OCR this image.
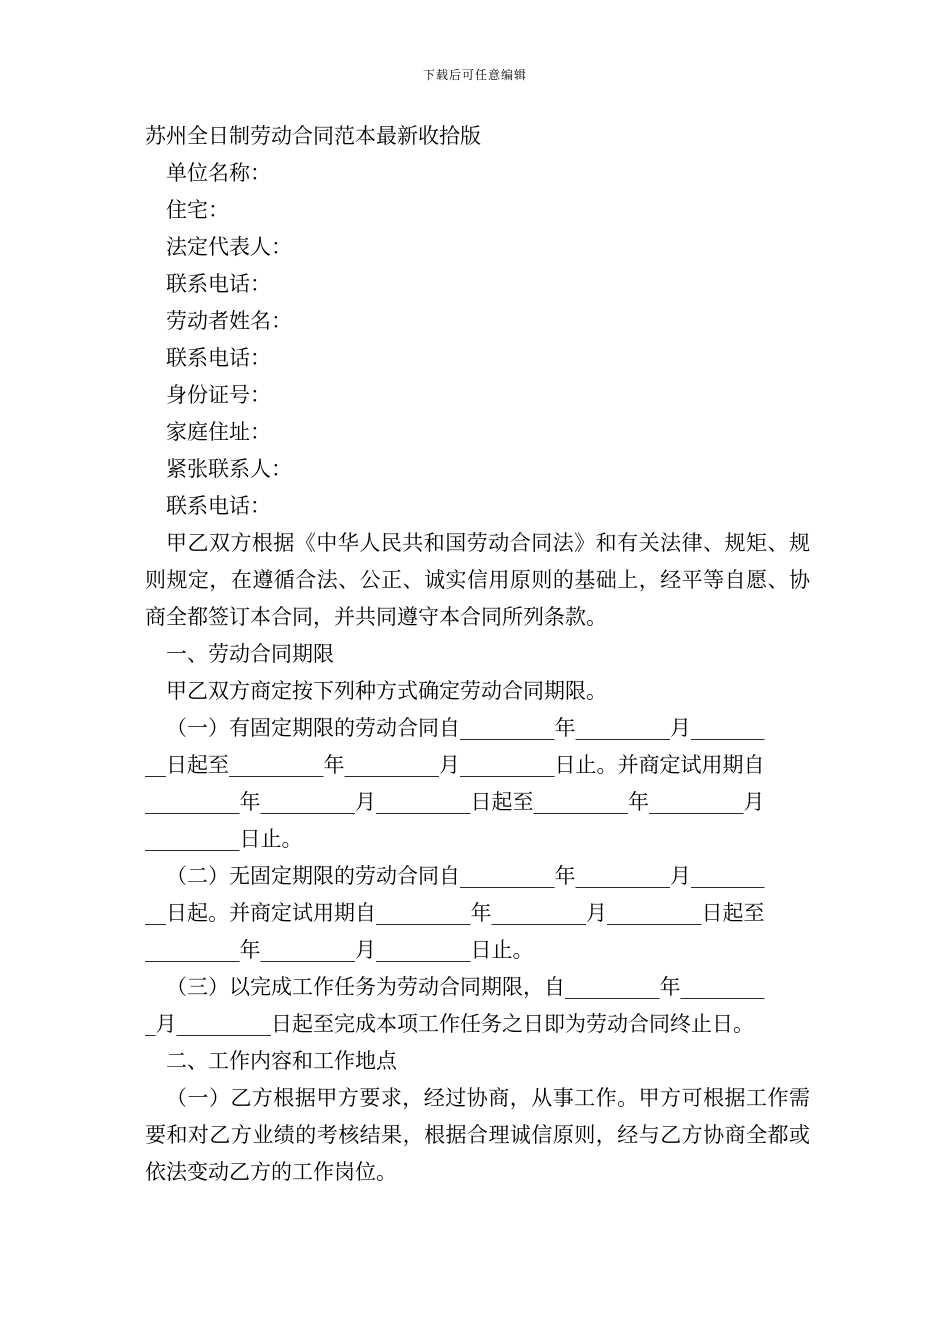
下载后可任意编辑
苏州全日制劳动合同范本最新收拾版
单位名称：
住宅：
法定代表人：
联系电话：
劳动者姓名：
联系电话：
身份证号：
家庭住址：
紧张联系人：
联系电话：
甲乙双方根据《中华人民共和国劳动合同法》和有关法律、规矩、规则规定，在遵循合法、公正、诚实信用原则的基础上，经平等自愿、协商全都签订本合同，并共同遵守本合同所列条款。
一、劳动合同期限
甲乙双方商定按下列种方式确定劳动合同期限。
（一）有固定期限的劳动合同自_________年_________月_______
__日起至_________年_________月_________日止。并商定试用期自
_________年_________月_________日起至_________年_________月
_________日止。
（二）无固定期限的劳动合同自_________年_________月_______
__日起。并商定试用期自_________年_________月_________日起至
_________年_________月_________日止。
（三）以完成工作任务为劳动合同期限，自_________年________
_月_________日起至完成本项工作任务之日即为劳动合同终止日。
二、工作内容和工作地点
（一）乙方根据甲方要求，经过协商，从事工作。甲方可根据工作需要和对乙方业绩的考核结果，根据合理诚信原则，经与乙方协商全都或依法变动乙方的工作岗位。
